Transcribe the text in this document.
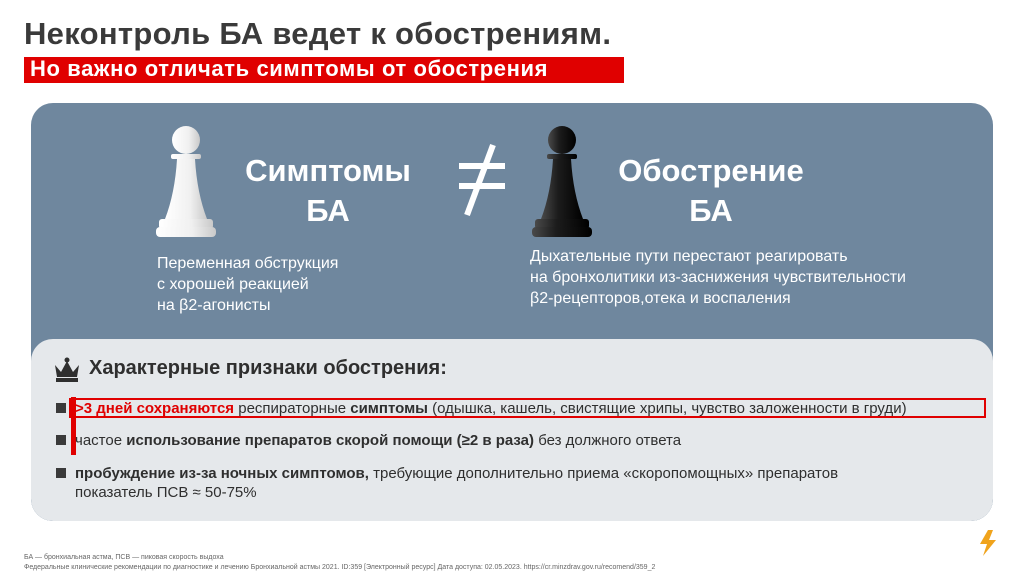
Неконтроль БА ведет к обострениям.
Но важно отличать симптомы от обострения
Симптомы
БА
Переменная обструкция
с хорошей реакцией
на β2-агонисты
Обострение
БА
Дыхательные пути перестают реагировать
на бронхолитики из-заснижения чувствительности
β2-рецепторов,отека и воспаления
Характерные признаки обострения:
>3 дней сохраняются респираторные симптомы (одышка, кашель, свистящие хрипы, чувство заложенности в груди)
частое использование препаратов скорой помощи (≥2 в раза) без должного ответа
пробуждение из-за ночных симптомов, требующие дополнительно приема «скоропомощных» препаратов
показатель ПСВ ≈ 50-75%
БА — бронхиальная астма, ПСВ — пиковая скорость выдоха
Федеральные клинические рекомендации по диагностике и лечению Бронхиальной астмы 2021. ID:359 [Электронный ресурс] Дата доступа: 02.05.2023. https://cr.minzdrav.gov.ru/recomend/359_2
